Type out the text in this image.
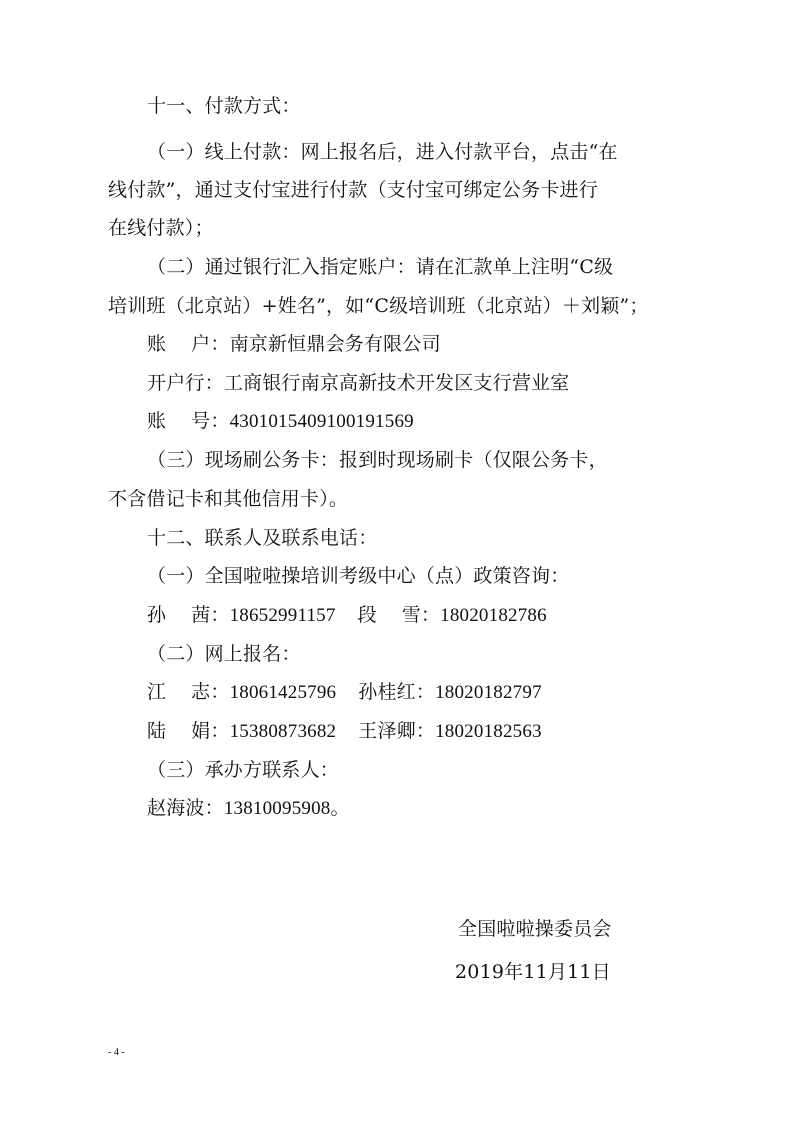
十一、付款方式：
（一）线上付款：网上报名后，进入付款平台，点击“在
线付款”，通过支付宝进行付款（支付宝可绑定公务卡进行
在线付款）；
（二）通过银行汇入指定账户：请在汇款单上注明“C级
培训班（北京站）+姓名”，如“C级培训班（北京站）＋刘颖”；
账    户：南京新恒鼎会务有限公司
开户行：工商银行南京高新技术开发区支行营业室
账    号：4301015409100191569
（三）现场刷公务卡：报到时现场刷卡（仅限公务卡，
不含借记卡和其他信用卡）。
十二、联系人及联系电话：
（一）全国啦啦操培训考级中心（点）政策咨询：
孙    茜：18652991157 段    雪：18020182786
（二）网上报名：
江    志：18061425796 孙桂红：18020182797
陆    娟：15380873682 王泽卿：18020182563
（三）承办方联系人：
赵海波：13810095908。
全国啦啦操委员会
2019年11月11日
- 4 -
